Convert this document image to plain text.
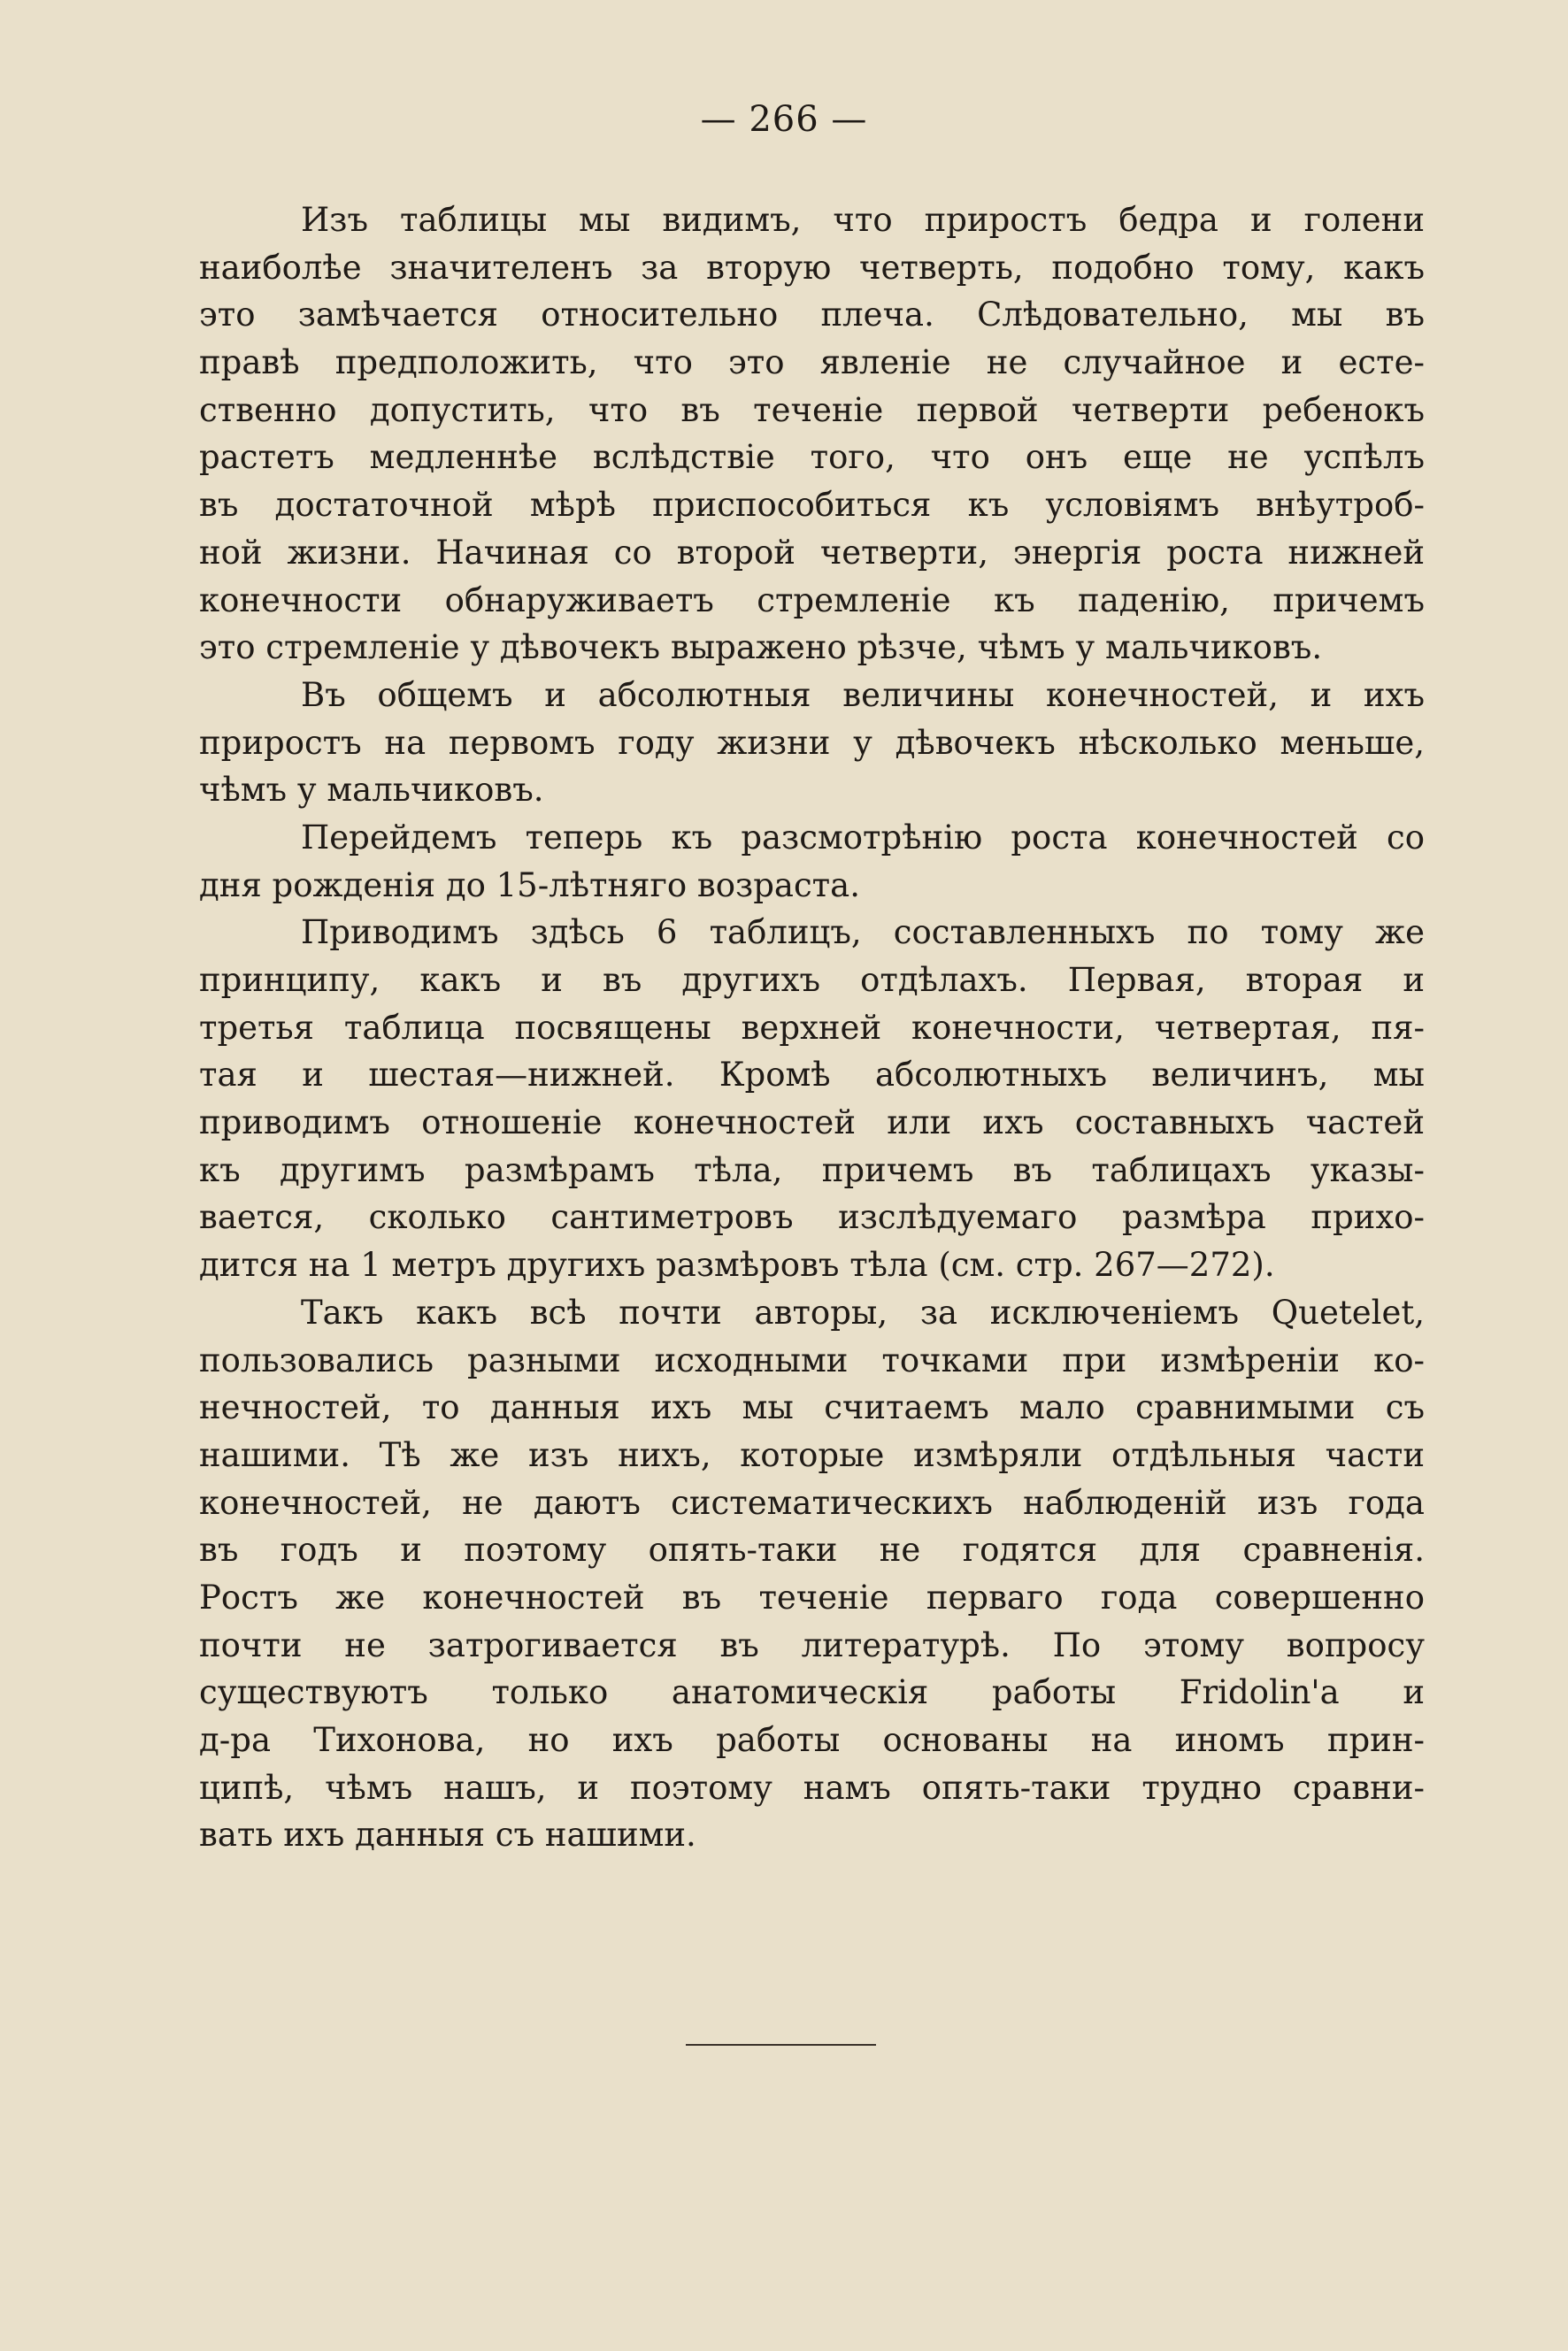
— 266 —
Изъ таблицы мы видимъ, что приростъ бедра и голени
наиболѣе значителенъ за вторую четверть, подобно тому, какъ
это замѣчается относительно плеча. Слѣдовательно, мы въ
правѣ предположить, что это явленіе не случайное и есте-
ственно допустить, что въ теченіе первой четверти ребенокъ
растетъ медленнѣе вслѣдствіе того, что онъ еще не успѣлъ
въ достаточной мѣрѣ приспособиться къ условіямъ внѣутроб-
ной жизни. Начиная со второй четверти, энергія роста нижней
конечности обнаруживаетъ стремленіе къ паденію, причемъ
это стремленіе у дѣвочекъ выражено рѣзче, чѣмъ у мальчиковъ.
Въ общемъ и абсолютныя величины конечностей, и ихъ
приростъ на первомъ году жизни у дѣвочекъ нѣсколько меньше,
чѣмъ у мальчиковъ.
Перейдемъ теперь къ разсмотрѣнію роста конечностей со
дня рожденія до 15-лѣтняго возраста.
Приводимъ здѣсь 6 таблицъ, составленныхъ по тому же
принципу, какъ и въ другихъ отдѣлахъ. Первая, вторая и
третья таблица посвящены верхней конечности, четвертая, пя-
тая и шестая—нижней. Кромѣ абсолютныхъ величинъ, мы
приводимъ отношеніе конечностей или ихъ составныхъ частей
къ другимъ размѣрамъ тѣла, причемъ въ таблицахъ указы-
вается, сколько сантиметровъ изслѣдуемаго размѣра прихо-
дится на 1 метръ другихъ размѣровъ тѣла (см. стр. 267—272).
Такъ какъ всѣ почти авторы, за исключеніемъ Quetelet,
пользовались разными исходными точками при измѣреніи ко-
нечностей, то данныя ихъ мы считаемъ мало сравнимыми съ
нашими. Тѣ же изъ нихъ, которые измѣряли отдѣльныя части
конечностей, не даютъ систематическихъ наблюденій изъ года
въ годъ и поэтому опять-таки не годятся для сравненія.
Ростъ же конечностей въ теченіе перваго года совершенно
почти не затрогивается въ литературѣ. По этому вопросу
существуютъ только анатомическія работы Fridolin'a и
д-ра Тихонова, но ихъ работы основаны на иномъ прин-
ципѣ, чѣмъ нашъ, и поэтому намъ опять-таки трудно сравни-
вать ихъ данныя съ нашими.
